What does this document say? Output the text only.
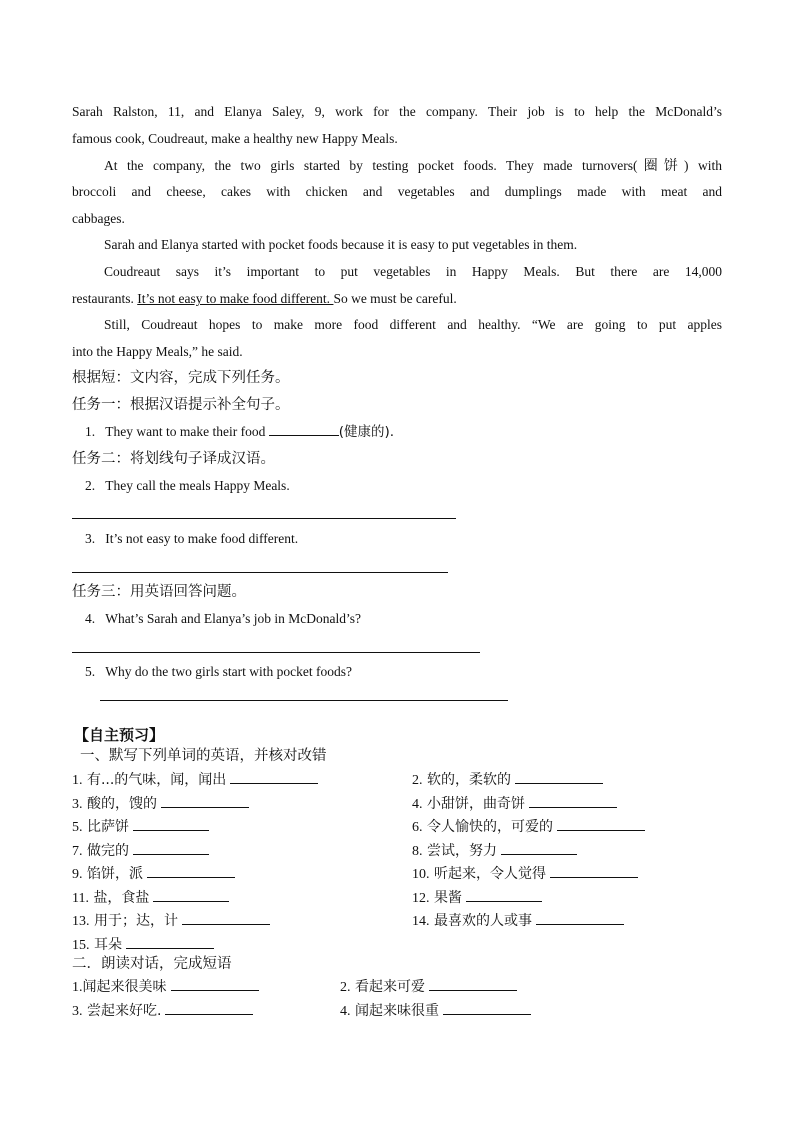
Sarah Ralston, 11, and Elanya Saley, 9, work for the company. Their job is to help the McDonald’s

famous cook, Coudreaut, make a healthy new Happy Meals.

At the company, the two girls started by testing pocket foods. They made turnovers(圈饼) with

broccoli and cheese, cakes with chicken and vegetables and dumplings made with meat and

cabbages.

Sarah and Elanya started with pocket foods because it is easy to put vegetables in them.

Coudreaut says it’s important to put vegetables in Happy Meals. But there are 14,000

restaurants. It’s not easy to make food different. So we must be careful.

Still, Coudreaut hopes to make more food different and healthy. “We are going to put apples

into the Happy Meals,” he said.

根据短：文内容，完成下列任务。

任务一：根据汉语提示补全句子。

1. They want to make their food	(健康的).

任务二：将划线句子译成汉语。

2. They call the meals Happy Meals.

3. It’s not easy to make food different.

任务三：用英语回答问题。

4. What’s Sarah and Elanya’s job in McDonald’s?

5. Why do the two girls start with pocket foods?

【自主预习】

一、默写下列单词的英语，并核对改错

1. 有...的气味，闻，闻出	2. 软的，柔软的
3. 酸的，馊的	4. 小甜饼，曲奇饼
5. 比萨饼	6. 令人愉快的，可爱的
7. 做完的	8. 尝试，努力
9. 馅饼，派	10. 听起来，令人觉得
11. 盐，食盐	12. 果酱
13. 用于；达，计	14. 最喜欢的人或事
15. 耳朵

二．朗读对话，完成短语

1.闻起来很美味	2. 看起来可爱
3. 尝起来好吃.	4. 闻起来味很重
